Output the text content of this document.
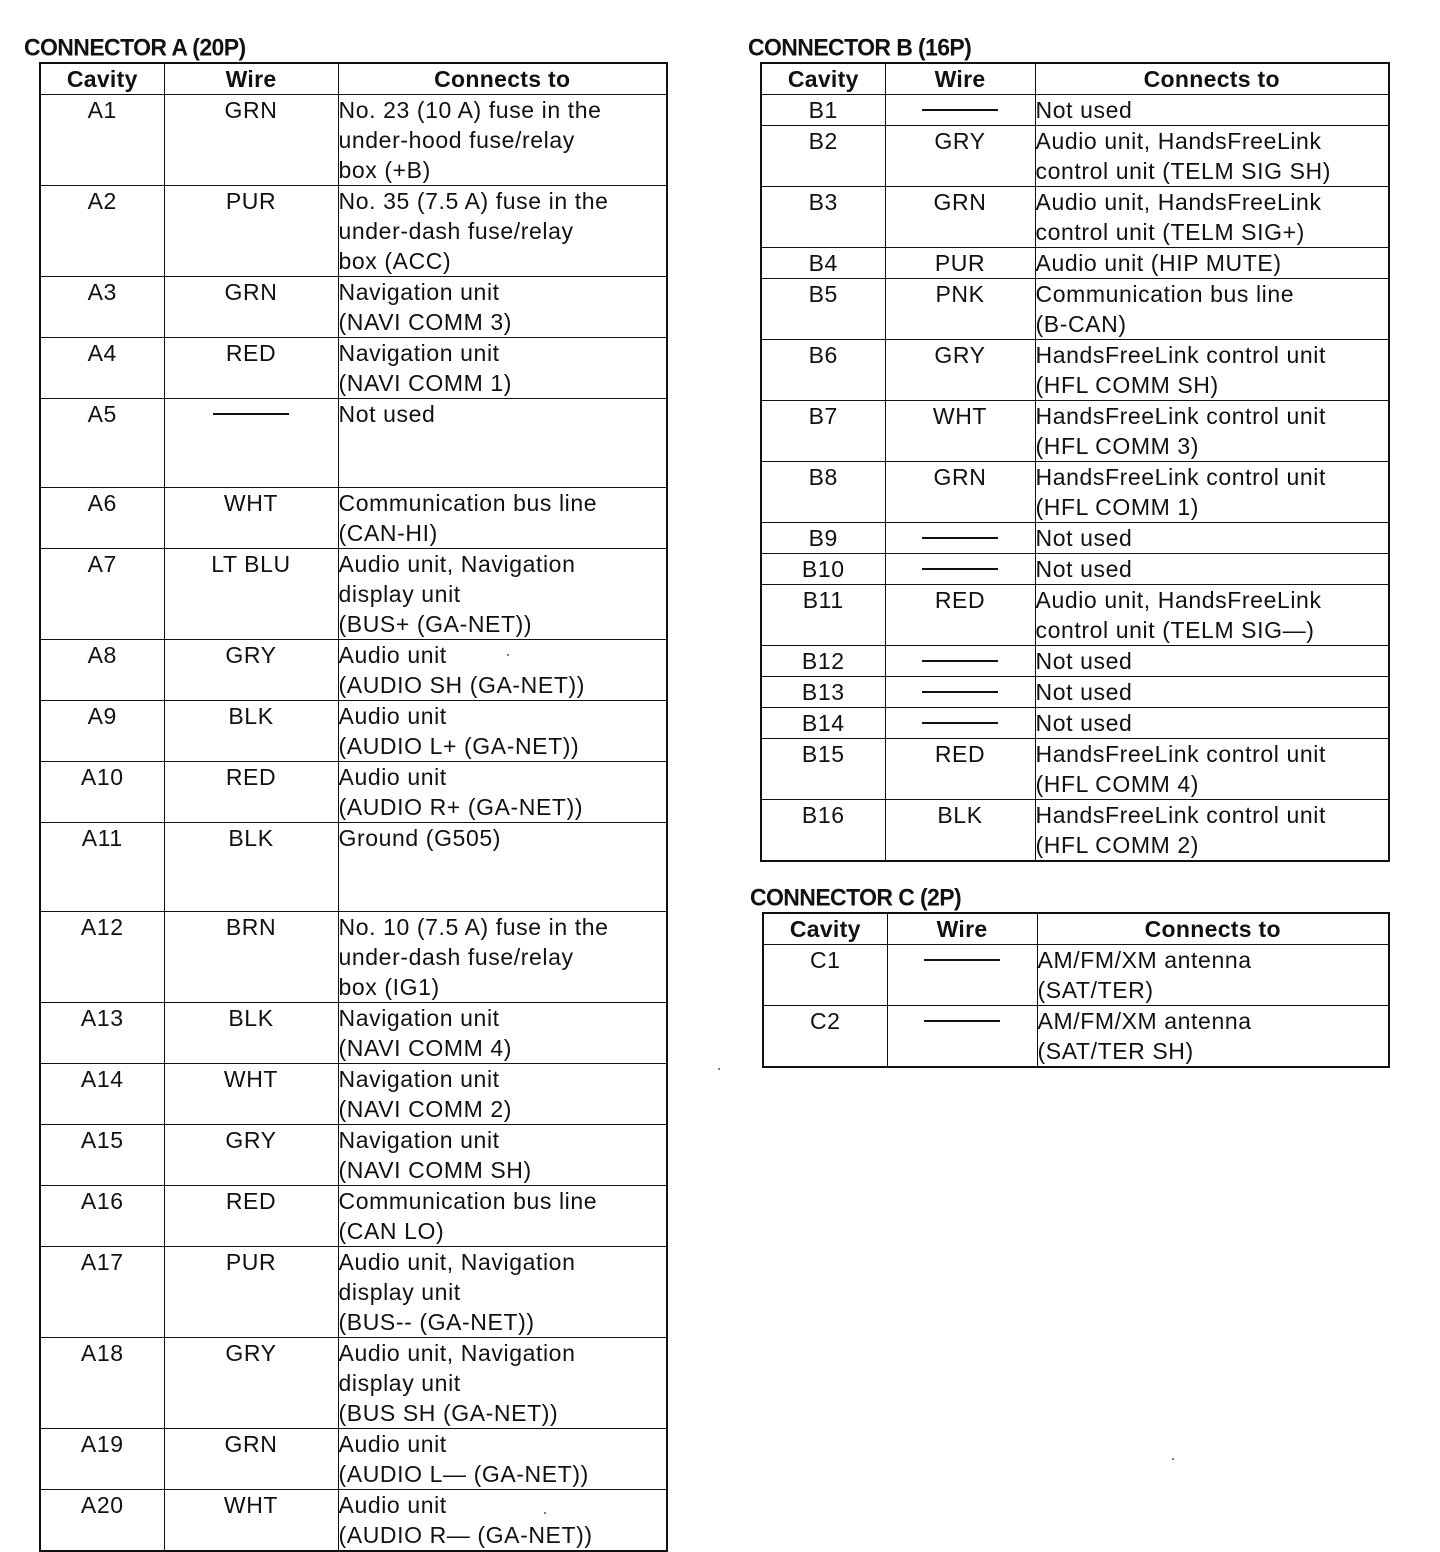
CONNECTOR A (20P)
Cavity	Wire	Connects to
A1	GRN	No. 23 (10 A) fuse in the
under-hood fuse/relay
box (+B)

A2	PUR	No. 35 (7.5 A) fuse in the
under-dash fuse/relay
box (ACC)

A3	GRN	Navigation unit
(NAVI COMM 3)

A4	RED	Navigation unit
(NAVI COMM 1)

A5		Not used

A6	WHT	Communication bus line
(CAN-HI)

A7	LT BLU	Audio unit, Navigation
display unit
(BUS+ (GA-NET))

A8	GRY	Audio unit
(AUDIO SH (GA-NET))

A9	BLK	Audio unit
(AUDIO L+ (GA-NET))

A10	RED	Audio unit
(AUDIO R+ (GA-NET))

A11	BLK	Ground (G505)

A12	BRN	No. 10 (7.5 A) fuse in the
under-dash fuse/relay
box (IG1)

A13	BLK	Navigation unit
(NAVI COMM 4)

A14	WHT	Navigation unit
(NAVI COMM 2)

A15	GRY	Navigation unit
(NAVI COMM SH)

A16	RED	Communication bus line
(CAN LO)

A17	PUR	Audio unit, Navigation
display unit
(BUS-- (GA-NET))

A18	GRY	Audio unit, Navigation
display unit
(BUS SH (GA-NET))

A19	GRN	Audio unit
(AUDIO L— (GA-NET))

A20	WHT	Audio unit
(AUDIO R— (GA-NET))
CONNECTOR B (16P)
Cavity	Wire	Connects to
B1		Not used

B2	GRY	Audio unit, HandsFreeLink
control unit (TELM SIG SH)

B3	GRN	Audio unit, HandsFreeLink
control unit (TELM SIG+)

B4	PUR	Audio unit (HIP MUTE)

B5	PNK	Communication bus line
(B-CAN)

B6	GRY	HandsFreeLink control unit
(HFL COMM SH)

B7	WHT	HandsFreeLink control unit
(HFL COMM 3)

B8	GRN	HandsFreeLink control unit
(HFL COMM 1)

B9		Not used

B10		Not used

B11	RED	Audio unit, HandsFreeLink
control unit (TELM SIG—)

B12		Not used

B13		Not used

B14		Not used

B15	RED	HandsFreeLink control unit
(HFL COMM 4)

B16	BLK	HandsFreeLink control unit
(HFL COMM 2)
CONNECTOR C (2P)
Cavity	Wire	Connects to
C1		AM/FM/XM antenna
(SAT/TER)

C2		AM/FM/XM antenna
(SAT/TER SH)
